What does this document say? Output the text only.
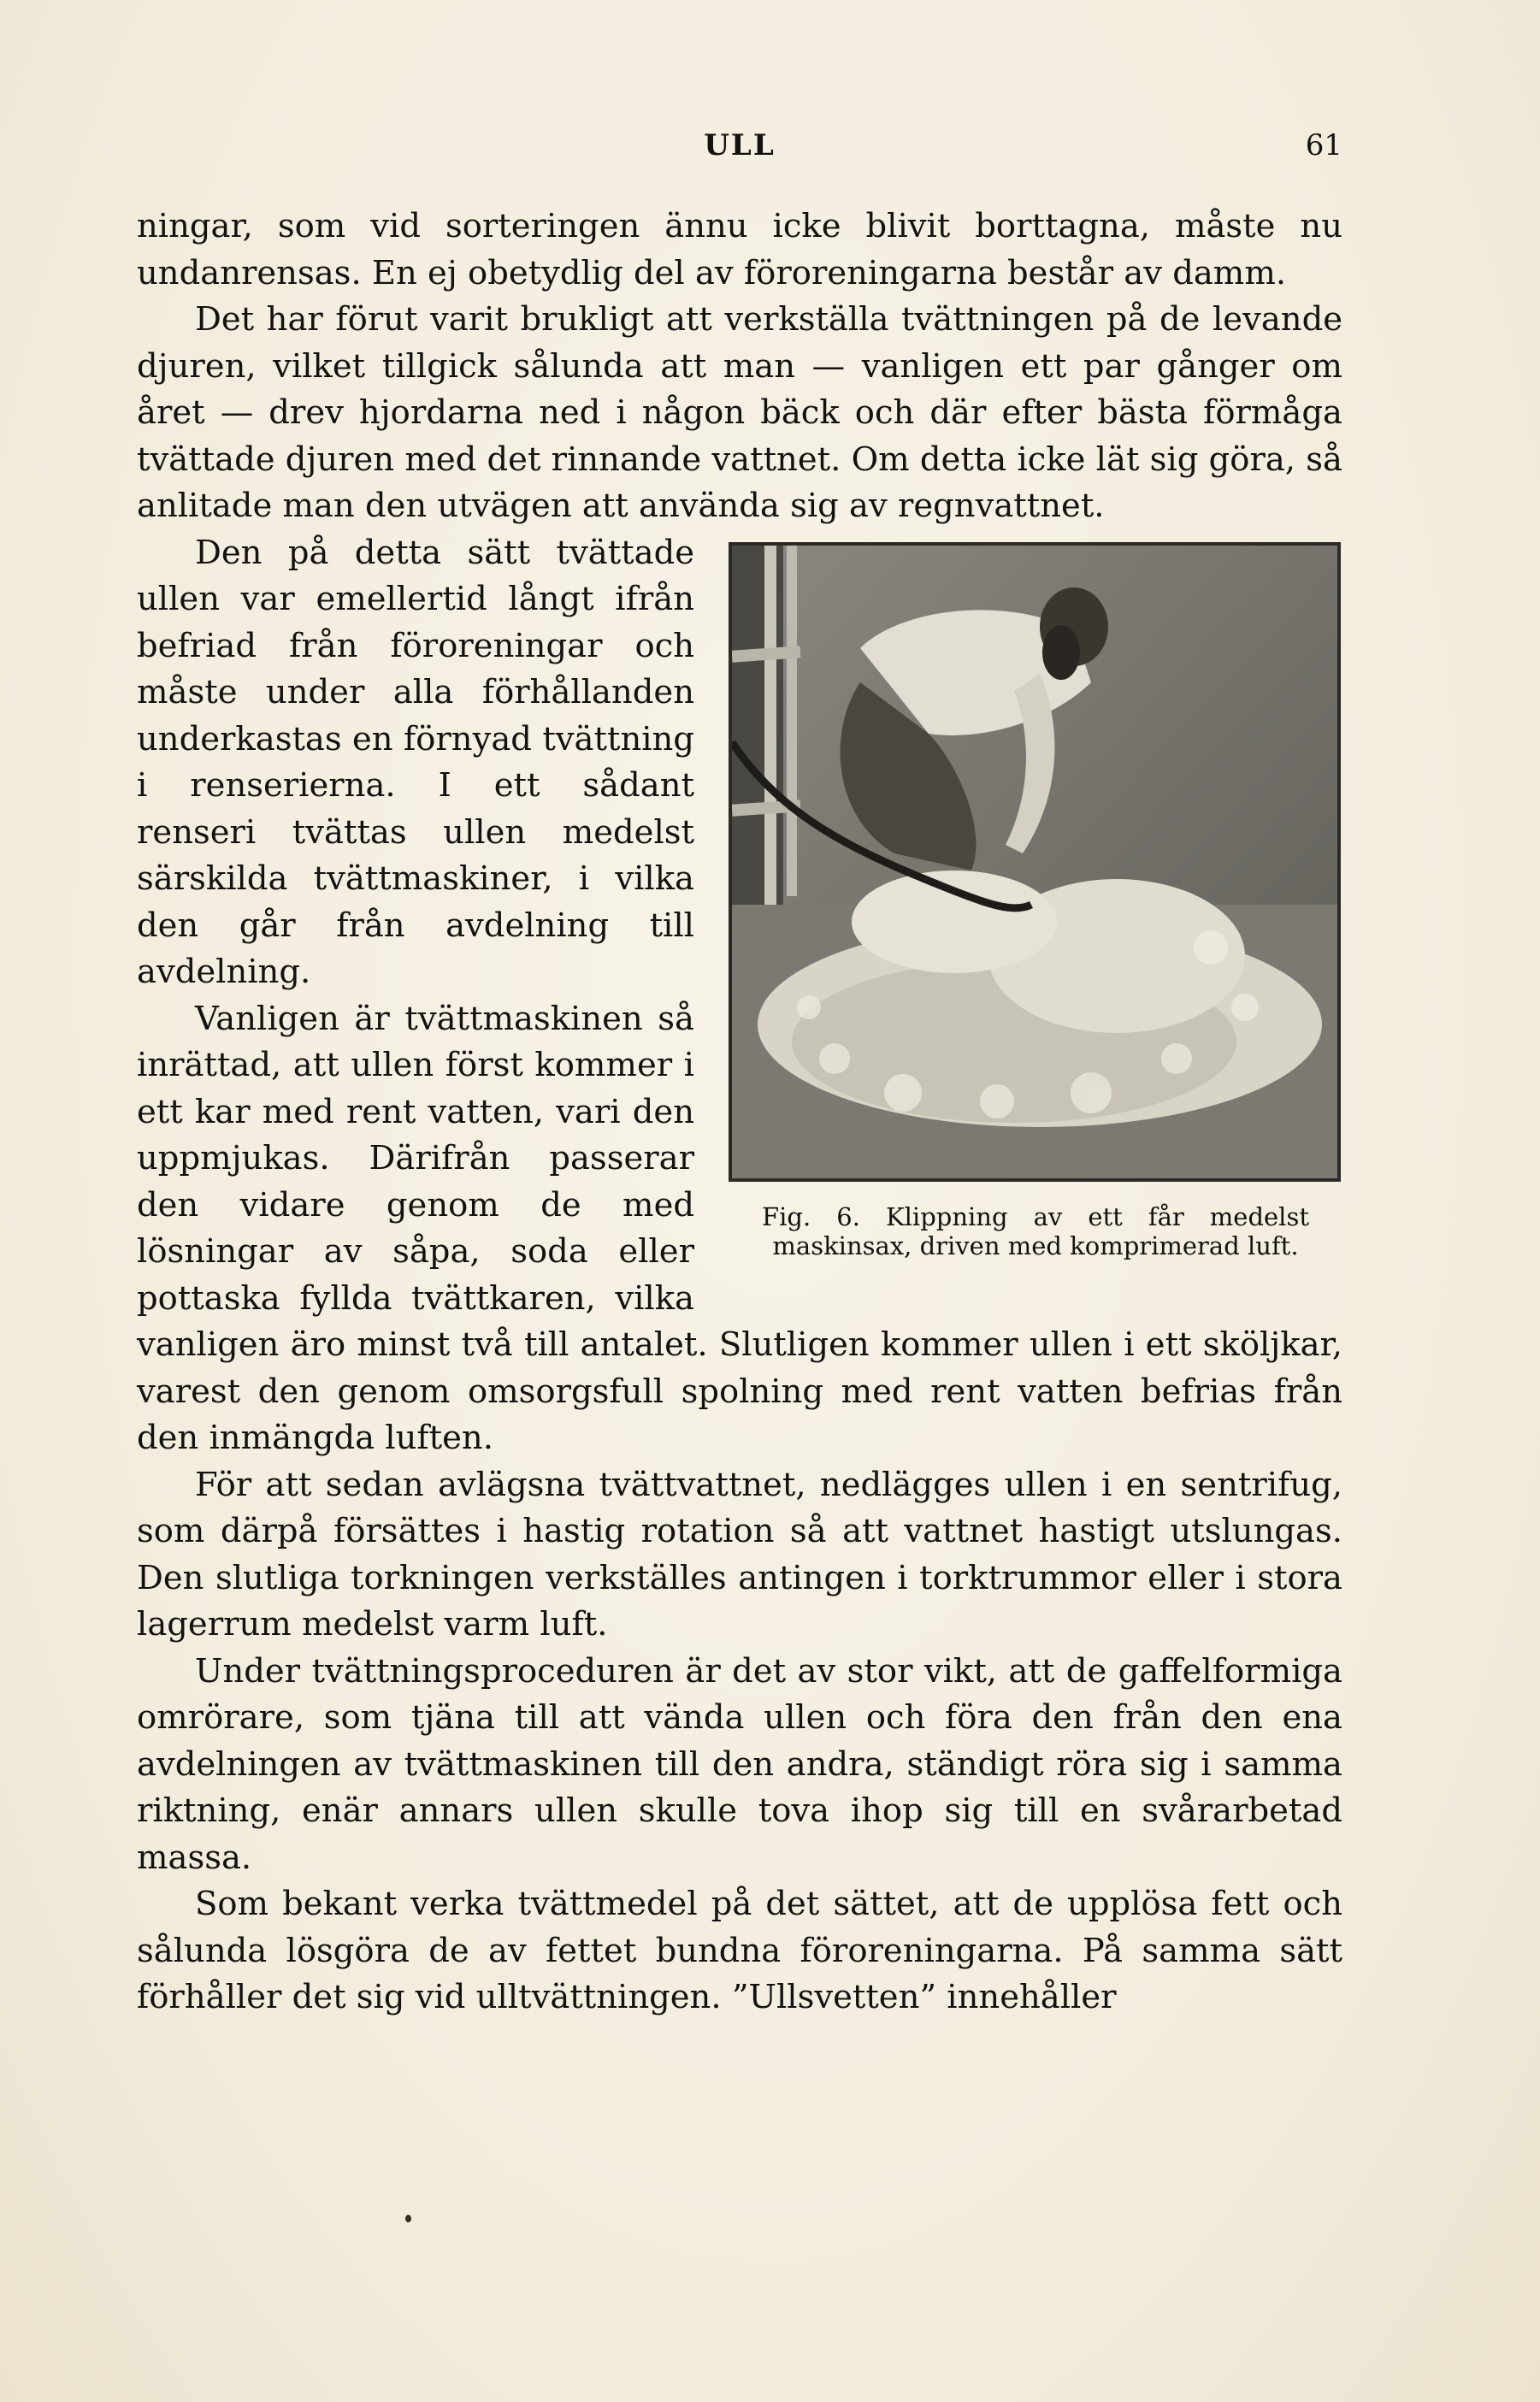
ULL	61

ningar, som vid sorteringen ännu icke blivit borttagna, måste nu undanrensas. En ej obetydlig del av föroreningarna består av damm.

Det har förut varit brukligt att verkställa tvättningen på de levande djuren, vilket tillgick sålunda att man — vanligen ett par gånger om året — drev hjordarna ned i någon bäck och där efter bästa förmåga tvättade djuren med det rinnande vattnet. Om detta icke lät sig göra, så anlitade man den utvägen att använda sig av regnvattnet.

Fig. 6. Klippning av ett får medelst maskinsax, driven med komprimerad luft.

Den på detta sätt tvättade ullen var emellertid långt ifrån befriad från föroreningar och måste under alla förhållanden underkastas en förnyad tvättning i renserierna. I ett sådant renseri tvättas ullen medelst särskilda tvättmaskiner, i vilka den går från avdelning till avdelning.

Vanligen är tvättmaskinen så inrättad, att ullen först kommer i ett kar med rent vatten, vari den uppmjukas. Därifrån passerar den vidare genom de med lösningar av såpa, soda eller pottaska fyllda tvättkaren, vilka vanligen äro minst två till antalet. Slutligen kommer ullen i ett sköljkar, varest den genom omsorgsfull spolning med rent vatten befrias från den inmängda luften.

För att sedan avlägsna tvättvattnet, nedlägges ullen i en sentrifug, som därpå försättes i hastig rotation så att vattnet hastigt utslungas. Den slutliga torkningen verkställes antingen i torktrummor eller i stora lagerrum medelst varm luft.

Under tvättningsproceduren är det av stor vikt, att de gaffelformiga omrörare, som tjäna till att vända ullen och föra den från den ena avdelningen av tvättmaskinen till den andra, ständigt röra sig i samma riktning, enär annars ullen skulle tova ihop sig till en svårarbetad massa.

Som bekant verka tvättmedel på det sättet, att de upplösa fett och sålunda lösgöra de av fettet bundna föroreningarna. På samma sätt förhåller det sig vid ulltvättningen. ”Ullsvetten” innehåller
